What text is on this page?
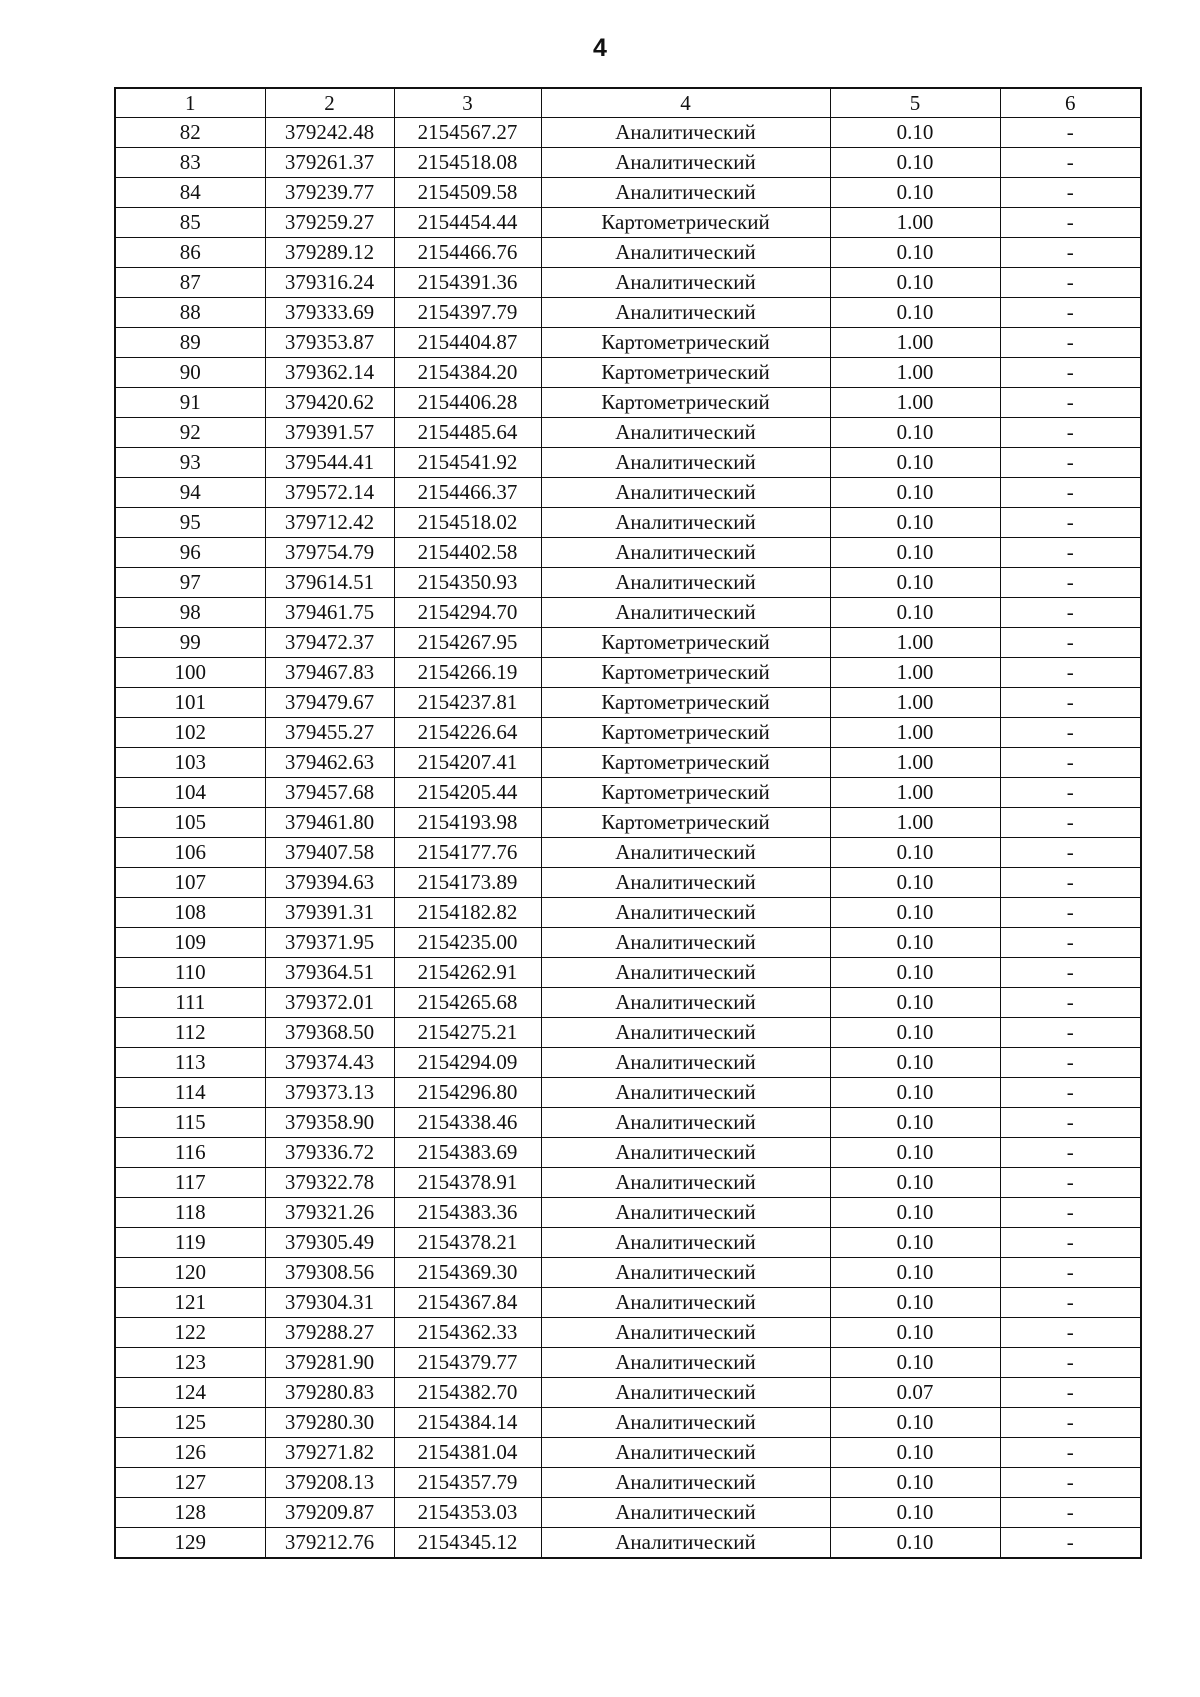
4
1	2	3	4	5	6
82	379242.48	2154567.27	Аналитический	0.10	-
83	379261.37	2154518.08	Аналитический	0.10	-
84	379239.77	2154509.58	Аналитический	0.10	-
85	379259.27	2154454.44	Картометрический	1.00	-
86	379289.12	2154466.76	Аналитический	0.10	-
87	379316.24	2154391.36	Аналитический	0.10	-
88	379333.69	2154397.79	Аналитический	0.10	-
89	379353.87	2154404.87	Картометрический	1.00	-
90	379362.14	2154384.20	Картометрический	1.00	-
91	379420.62	2154406.28	Картометрический	1.00	-
92	379391.57	2154485.64	Аналитический	0.10	-
93	379544.41	2154541.92	Аналитический	0.10	-
94	379572.14	2154466.37	Аналитический	0.10	-
95	379712.42	2154518.02	Аналитический	0.10	-
96	379754.79	2154402.58	Аналитический	0.10	-
97	379614.51	2154350.93	Аналитический	0.10	-
98	379461.75	2154294.70	Аналитический	0.10	-
99	379472.37	2154267.95	Картометрический	1.00	-
100	379467.83	2154266.19	Картометрический	1.00	-
101	379479.67	2154237.81	Картометрический	1.00	-
102	379455.27	2154226.64	Картометрический	1.00	-
103	379462.63	2154207.41	Картометрический	1.00	-
104	379457.68	2154205.44	Картометрический	1.00	-
105	379461.80	2154193.98	Картометрический	1.00	-
106	379407.58	2154177.76	Аналитический	0.10	-
107	379394.63	2154173.89	Аналитический	0.10	-
108	379391.31	2154182.82	Аналитический	0.10	-
109	379371.95	2154235.00	Аналитический	0.10	-
110	379364.51	2154262.91	Аналитический	0.10	-
111	379372.01	2154265.68	Аналитический	0.10	-
112	379368.50	2154275.21	Аналитический	0.10	-
113	379374.43	2154294.09	Аналитический	0.10	-
114	379373.13	2154296.80	Аналитический	0.10	-
115	379358.90	2154338.46	Аналитический	0.10	-
116	379336.72	2154383.69	Аналитический	0.10	-
117	379322.78	2154378.91	Аналитический	0.10	-
118	379321.26	2154383.36	Аналитический	0.10	-
119	379305.49	2154378.21	Аналитический	0.10	-
120	379308.56	2154369.30	Аналитический	0.10	-
121	379304.31	2154367.84	Аналитический	0.10	-
122	379288.27	2154362.33	Аналитический	0.10	-
123	379281.90	2154379.77	Аналитический	0.10	-
124	379280.83	2154382.70	Аналитический	0.07	-
125	379280.30	2154384.14	Аналитический	0.10	-
126	379271.82	2154381.04	Аналитический	0.10	-
127	379208.13	2154357.79	Аналитический	0.10	-
128	379209.87	2154353.03	Аналитический	0.10	-
129	379212.76	2154345.12	Аналитический	0.10	-
